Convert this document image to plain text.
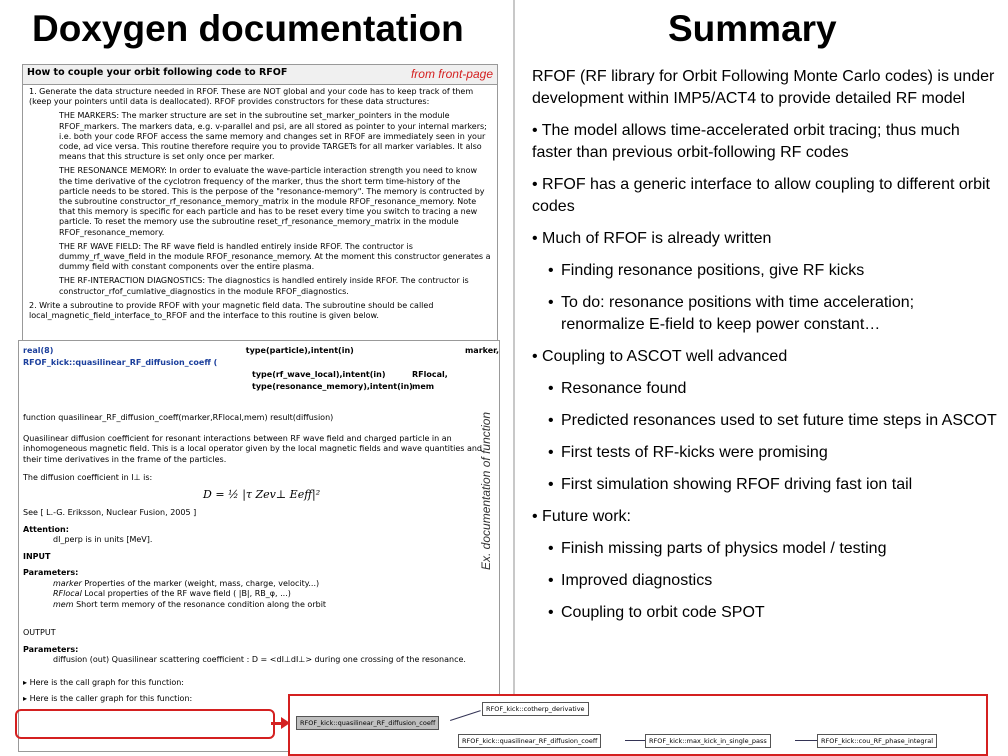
Doxygen documentation	Summary
How to couple your orbit following code to RFOF	from front-page
1. Generate the data structure needed in RFOF. These are NOT global and your code has to keep track of them (keep your pointers until data is deallocated). RFOF provides constructors for these data structures:
THE MARKERS: The marker structure are set in the subroutine set_marker_pointers in the module RFOF_markers. The markers data, e.g. v-parallel and psi, are all stored as pointer to your internal markers; i.e. both your code RFOF access the same memory and changes set in RFOF are immediately seen in your code, ad vice versa. This routine therefore require you to provide TARGETs for all marker variables. It also means that this structure is set only once per marker.
THE RESONANCE MEMORY: In order to evaluate the wave-particle interaction strength you need to know the time derivative of the cyclotron frequency of the marker, thus the short term time-history of the particle needs to be stored. This is the perpose of the "resonance-memory". The memory is contructed by the subroutine constructor_rf_resonance_memory_matrix in the module RFOF_resonance_memory. Note that this memory is specific for each particle and has to be reset every time you switch to tracing a new particle. To reset the memory use the subroutine reset_rf_resonance_memory_matrix in the module RFOF_resonance_memory.
THE RF WAVE FIELD: The RF wave field is handled entirely inside RFOF. The contructor is dummy_rf_wave_field in the module RFOF_resonance_memory. At the moment this constructor generates a dummy field with constant components over the entire plasma.
THE RF-INTERACTION DIAGNOSTICS: The diagnostics is handled entirely inside RFOF. The contructor is constructor_rfof_cumlative_diagnostics in the module RFOF_diagnostics.
2. Write a subroutine to provide RFOF with your magnetic field data. The subroutine should be called local_magnetic_field_interface_to_RFOF and the interface to this routine is given below.
real(8) RFOF_kick::quasilinear_RF_diffusion_coeff (
type(particle),intent(in)	marker,
type(rf_wave_local),intent(in)	RFlocal,
type(resonance_memory),intent(in) mem
function quasilinear_RF_diffusion_coeff(marker,RFlocal,mem) result(diffusion)
Quasilinear diffusion coefficient for resonant interactions between RF wave field and charged particle in an inhomogeneous magnetic field. This is a local operator given by the local magnetic fields and wave quantities and their time derivatives in the frame of the particles.
The diffusion coefficient in I⊥ is:
D = ½ |τ Zev⊥ Eeff|²
See [ L.-G. Eriksson, Nuclear Fusion, 2005 ]
Attention:
dI_perp is in units [MeV].
INPUT
Parameters:
marker Properties of the marker (weight, mass, charge, velocity...)
RFlocal Local properties of the RF wave field ( |B|, RB_φ, ...)
mem Short term memory of the resonance condition along the orbit
OUTPUT
Parameters:
diffusion (out) Quasilinear scattering coefficient : D = <dI⊥dI⊥> during one crossing of the resonance.
▸ Here is the call graph for this function:
▸ Here is the caller graph for this function:
Ex. documentation of function
RFOF_kick::quasilinear_RF_diffusion_coeff
RFOF_kick::cotherp_derivative
RFOF_kick::quasilinear_RF_diffusion_coeff	RFOF_kick::max_kick_in_single_pass	RFOF_kick::cou_RF_phase_integral
RFOF (RF library for Orbit Following Monte Carlo codes) is under development within IMP5/ACT4 to provide detailed RF model
• The model allows time-accelerated orbit tracing; thus much faster than previous orbit-following RF codes
• RFOF has a generic interface to allow coupling to different orbit codes
• Much of RFOF is already written
• Finding resonance positions, give RF kicks
• To do: resonance positions with time acceleration; renormalize E-field to keep power constant…
• Coupling to ASCOT well advanced
• Resonance found
• Predicted resonances used to set future time steps in ASCOT
• First tests of RF-kicks were promising
• First simulation showing RFOF driving fast ion tail
• Future work:
• Finish missing parts of physics model / testing
• Improved diagnostics
• Coupling to orbit code SPOT
